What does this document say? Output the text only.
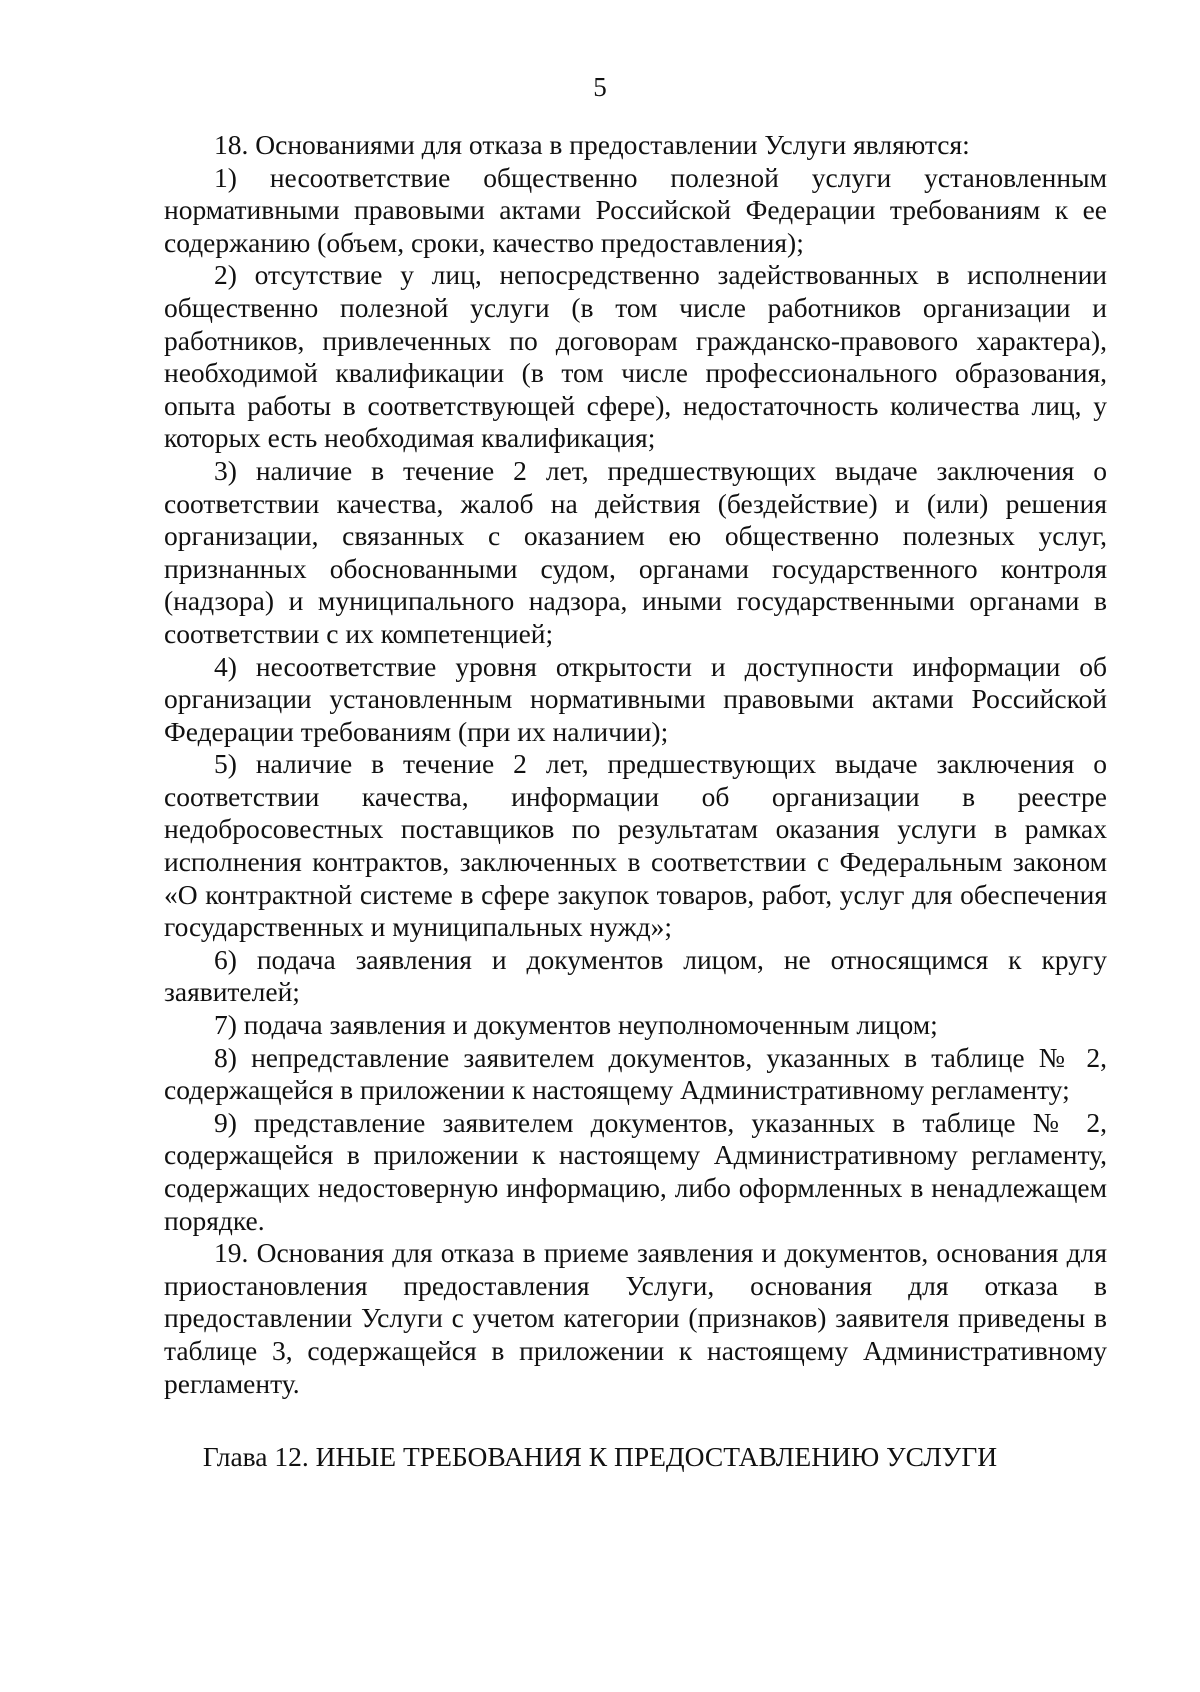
5

18. Основаниями для отказа в предоставлении Услуги являются:

1) несоответствие общественно полезной услуги установленным нормативными правовыми актами Российской Федерации требованиям к ее содержанию (объем, сроки, качество предоставления);

2) отсутствие у лиц, непосредственно задействованных в исполнении общественно полезной услуги (в том числе работников организации и работников, привлеченных по договорам гражданско-правового характера), необходимой квалификации (в том числе профессионального образования, опыта работы в соответствующей сфере), недостаточность количества лиц, у которых есть необходимая квалификация;

3) наличие в течение 2 лет, предшествующих выдаче заключения о соответствии качества, жалоб на действия (бездействие) и (или) решения организации, связанных с оказанием ею общественно полезных услуг, признанных обоснованными судом, органами государственного контроля (надзора) и муниципального надзора, иными государственными органами в соответствии с их компетенцией;

4) несоответствие уровня открытости и доступности информации об организации установленным нормативными правовыми актами Российской Федерации требованиям (при их наличии);

5) наличие в течение 2 лет, предшествующих выдаче заключения о соответствии качества, информации об организации в реестре недобросовестных поставщиков по результатам оказания услуги в рамках исполнения контрактов, заключенных в соответствии с Федеральным законом «О контрактной системе в сфере закупок товаров, работ, услуг для обеспечения государственных и муниципальных нужд»;

6) подача заявления и документов лицом, не относящимся к кругу заявителей;

7) подача заявления и документов неуполномоченным лицом;

8) непредставление заявителем документов, указанных в таблице № 2, содержащейся в приложении к настоящему Административному регламенту;

9) представление заявителем документов, указанных в таблице № 2, содержащейся в приложении к настоящему Административному регламенту, содержащих недостоверную информацию, либо оформленных в ненадлежащем порядке.

19. Основания для отказа в приеме заявления и документов, основания для приостановления предоставления Услуги, основания для отказа в предоставлении Услуги с учетом категории (признаков) заявителя приведены в таблице 3, содержащейся в приложении к настоящему Административному регламенту.

Глава 12. ИНЫЕ ТРЕБОВАНИЯ К ПРЕДОСТАВЛЕНИЮ УСЛУГИ
